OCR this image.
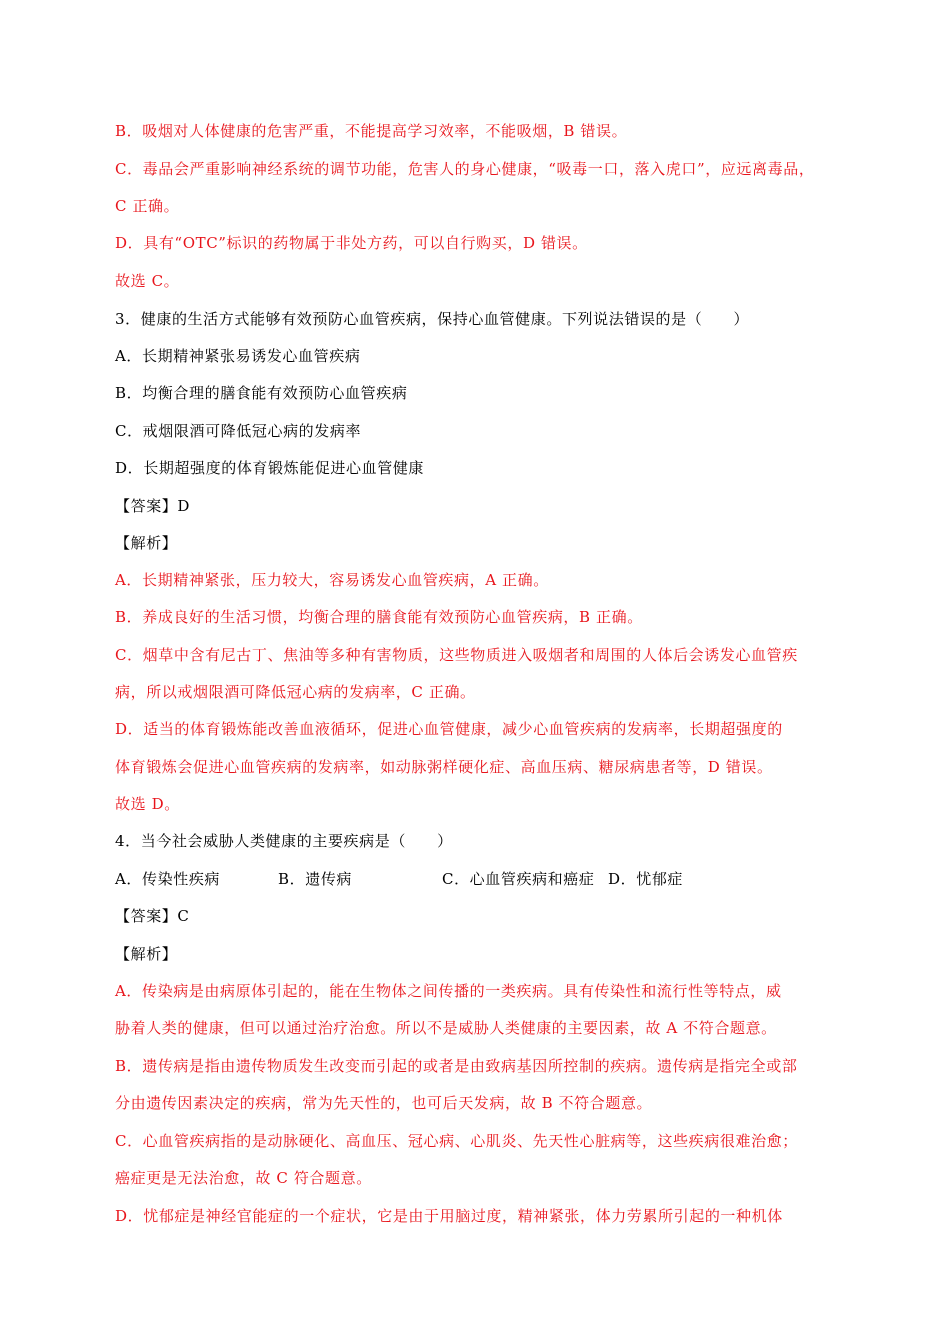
B．吸烟对人体健康的危害严重，不能提高学习效率，不能吸烟，B 错误。
C．毒品会严重影响神经系统的调节功能，危害人的身心健康，“吸毒一口，落入虎口”，应远离毒品，
C 正确。
D．具有“OTC”标识的药物属于非处方药，可以自行购买，D 错误。
故选 C。
3．健康的生活方式能够有效预防心血管疾病，保持心血管健康。下列说法错误的是（　　）
A．长期精神紧张易诱发心血管疾病
B．均衡合理的膳食能有效预防心血管疾病
C．戒烟限酒可降低冠心病的发病率
D．长期超强度的体育锻炼能促进心血管健康
【答案】D
【解析】
A．长期精神紧张，压力较大，容易诱发心血管疾病，A 正确。
B．养成良好的生活习惯，均衡合理的膳食能有效预防心血管疾病，B 正确。
C．烟草中含有尼古丁、焦油等多种有害物质，这些物质进入吸烟者和周围的人体后会诱发心血管疾
病，所以戒烟限酒可降低冠心病的发病率，C 正确。
D．适当的体育锻炼能改善血液循环，促进心血管健康，减少心血管疾病的发病率，长期超强度的
体育锻炼会促进心血管疾病的发病率，如动脉粥样硬化症、高血压病、糖尿病患者等，D 错误。
故选 D。
4．当今社会威胁人类健康的主要疾病是（　　）
A．传染性疾病	B．遗传病	C．心血管疾病和癌症 D．忧郁症
【答案】C
【解析】
A．传染病是由病原体引起的，能在生物体之间传播的一类疾病。具有传染性和流行性等特点，威
胁着人类的健康，但可以通过治疗治愈。所以不是威胁人类健康的主要因素，故 A 不符合题意。
B．遗传病是指由遗传物质发生改变而引起的或者是由致病基因所控制的疾病。遗传病是指完全或部
分由遗传因素决定的疾病，常为先天性的，也可后天发病，故 B 不符合题意。
C．心血管疾病指的是动脉硬化、高血压、冠心病、心肌炎、先天性心脏病等，这些疾病很难治愈；
癌症更是无法治愈，故 C 符合题意。
D．忧郁症是神经官能症的一个症状，它是由于用脑过度，精神紧张，体力劳累所引起的一种机体
